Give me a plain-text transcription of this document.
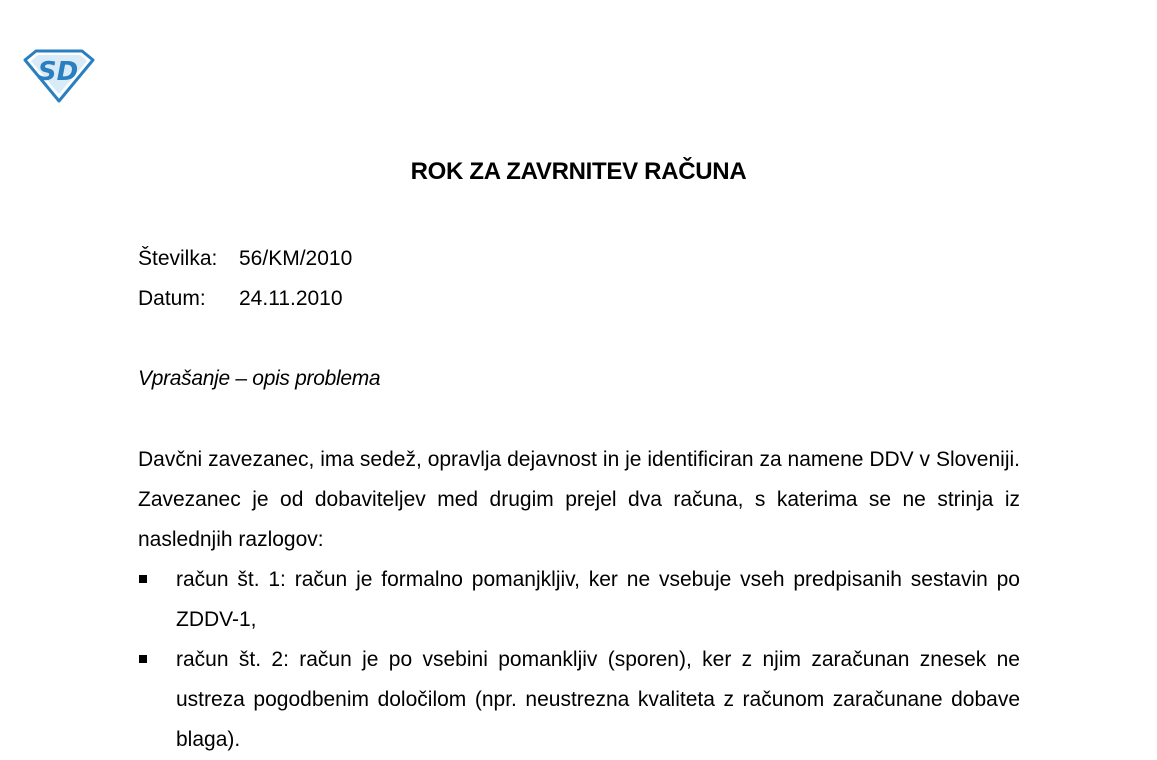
SD
ROK ZA ZAVRNITEV RAČUNA
Številka: 56/KM/2010
Datum: 24.11.2010
Vprašanje – opis problema

Davčni zavezanec, ima sedež, opravlja dejavnost in je identificiran za namene DDV v Sloveniji. Zavezanec je od dobaviteljev med drugim prejel dva računa, s katerima se ne strinja iz naslednjih razlogov:

račun št. 1: račun je formalno pomanjkljiv, ker ne vsebuje vseh predpisanih sestavin po ZDDV-1,
račun št. 2: račun je po vsebini pomankljiv (sporen), ker z njim zaračunan znesek ne ustreza pogodbenim določilom (npr. neustrezna kvaliteta z računom zaračunane dobave blaga).
